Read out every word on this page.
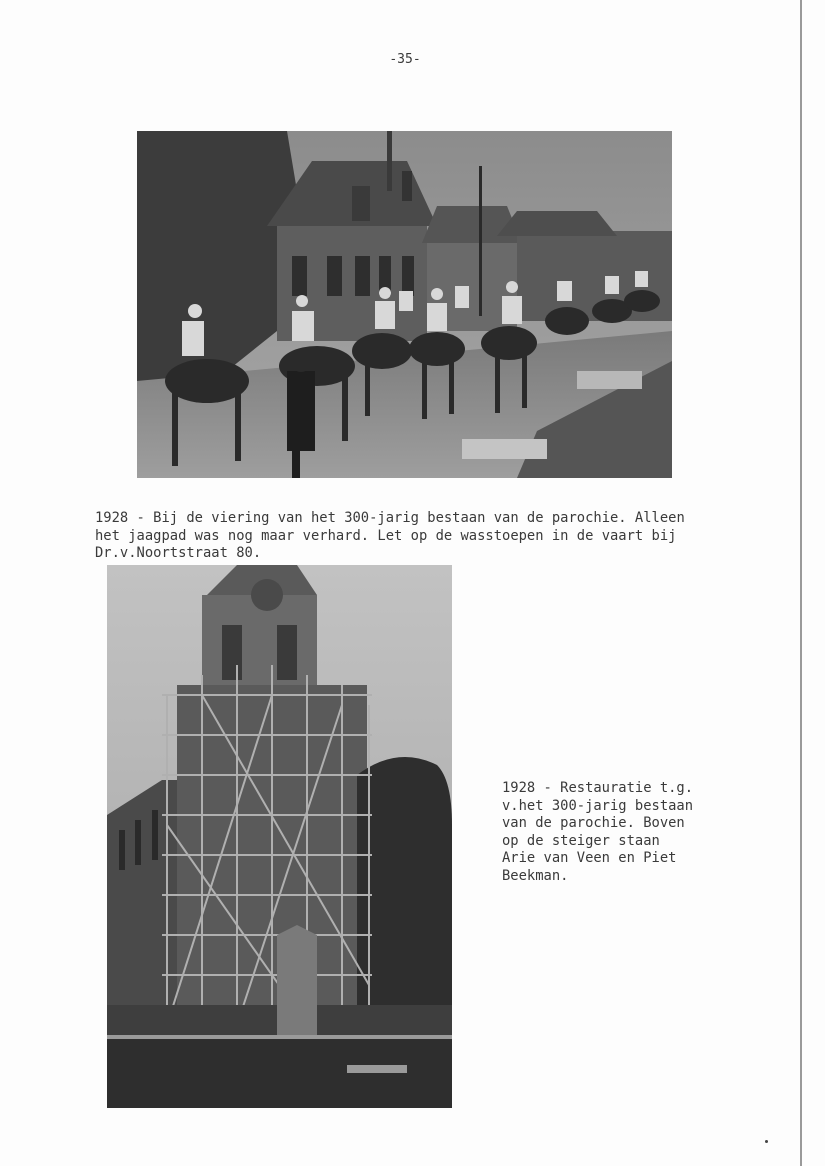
-35-
1928 - Bij de viering van het 300-jarig bestaan van de parochie. Alleen
het jaagpad was nog maar verhard. Let op de wasstoepen in de vaart bij
Dr.v.Noortstraat 80.
1928 - Restauratie t.g.
v.het 300-jarig bestaan
van de parochie. Boven
op de steiger staan
Arie van Veen en Piet
Beekman.
